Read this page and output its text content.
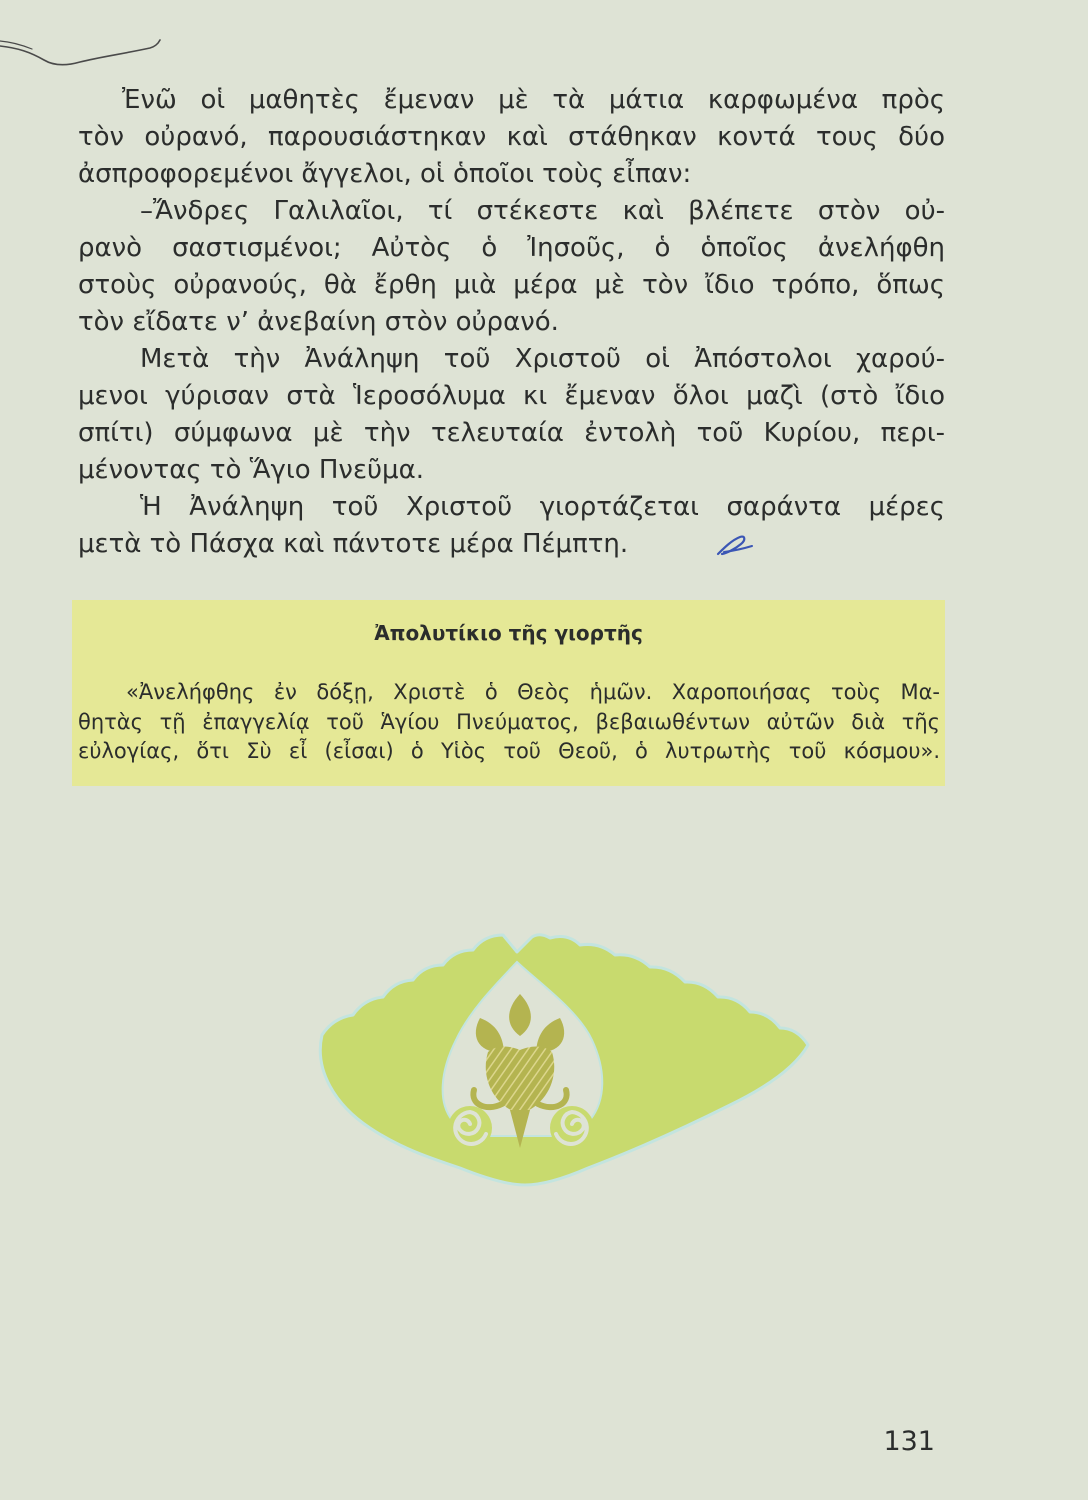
Ἐνῶ οἱ μαθητὲς ἔμεναν μὲ τὰ μάτια καρφωμένα πρὸς
τὸν οὐρανό, παρουσιάστηκαν καὶ στάθηκαν κοντά τους δύο
ἀσπροφορεμένοι ἄγγελοι, οἱ ὁποῖοι τοὺς εἶπαν:
–Ἄνδρες Γαλιλαῖοι, τί στέκεστε καὶ βλέπετε στὸν οὐ-
ρανὸ σαστισμένοι; Αὐτὸς ὁ Ἰησοῦς, ὁ ὁποῖος ἀνελήφθη
στοὺς οὐρανούς, θὰ ἔρθη μιὰ μέρα μὲ τὸν ἴδιο τρόπο, ὅπως
τὸν εἴδατε ν’ ἀνεβαίνη στὸν οὐρανό.
Μετὰ τὴν Ἀνάληψη τοῦ Χριστοῦ οἱ Ἀπόστολοι χαρού-
μενοι γύρισαν στὰ Ἱεροσόλυμα κι ἔμεναν ὅλοι μαζὶ (στὸ ἴδιο
σπίτι) σύμφωνα μὲ τὴν τελευταία ἐντολὴ τοῦ Κυρίου, περι-
μένοντας τὸ Ἅγιο Πνεῦμα.
Ἡ Ἀνάληψη τοῦ Χριστοῦ γιορτάζεται σαράντα μέρες
μετὰ τὸ Πάσχα καὶ πάντοτε μέρα Πέμπτη.
Ἀπολυτίκιο τῆς γιορτῆς
«Ἀνελήφθης ἐν δόξῃ, Χριστὲ ὁ Θεὸς ἡμῶν. Χαροποιήσας τοὺς Μα-
θητὰς τῇ ἐπαγγελίᾳ τοῦ Ἁγίου Πνεύματος, βεβαιωθέντων αὐτῶν διὰ τῆς
εὐλογίας, ὅτι Σὺ εἶ (εἶσαι) ὁ Υἱὸς τοῦ Θεοῦ, ὁ λυτρωτὴς τοῦ κόσμου».
131
